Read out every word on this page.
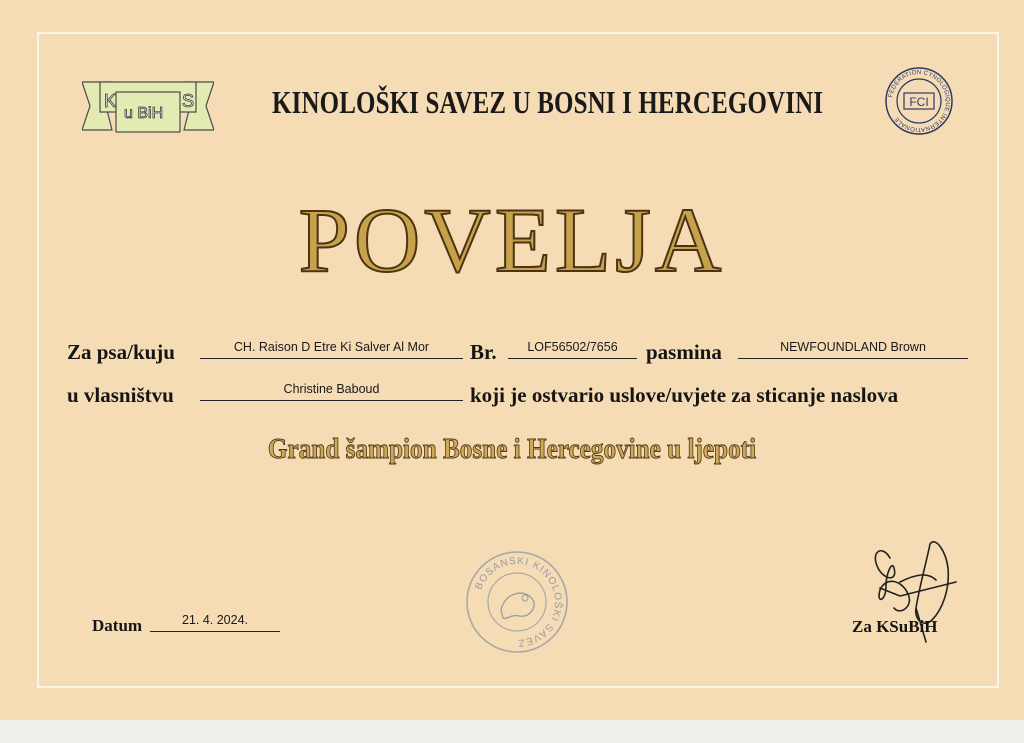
K
u BiH
S KINOLOŠKI SAVEZ U BOSNI I HERCEGOVINI	FEDERATION CYNOLOGIQUE INTERNATIONALE
FCI
POVELJA
Za psa/kuju	CH. Raison D Etre Ki Salver Al Mor	Br.	LOF56502/7656	pasmina	NEWFOUNDLAND Brown
u vlasništvu	Christine Baboud	koji je ostvario uslove/uvjete za sticanje naslova
Grand šampion Bosne i Hercegovine u ljepoti
BOSANSKI KINOLOŠKI SAVEZ
Datum	21. 4. 2024.	Za KSuBiH
